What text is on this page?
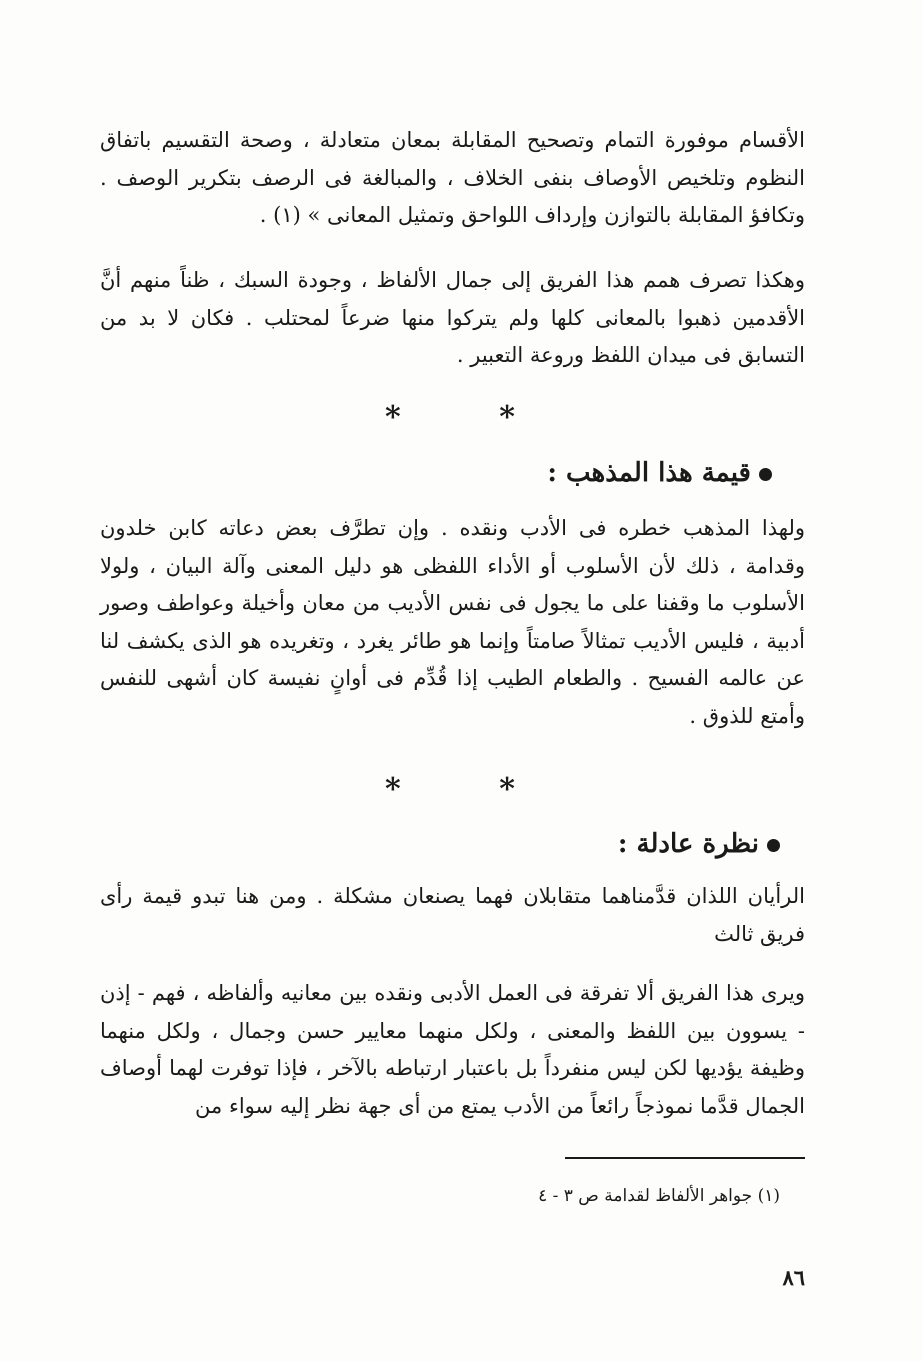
الأقسام موفورة التمام وتصحيح المقابلة بمعان متعادلة ، وصحة التقسيم باتفاق النظوم وتلخيص الأوصاف بنفى الخلاف ، والمبالغة فى الرصف بتكرير الوصف . وتكافؤ المقابلة بالتوازن وإرداف اللواحق وتمثيل المعانى » (١) .

وهكذا تصرف همم هذا الفريق إلى جمال الألفاظ ، وجودة السبك ، ظناً منهم أنَّ الأقدمين ذهبوا بالمعانى كلها ولم يتركوا منها ضرعاً لمحتلب . فكان لا بد من التسابق فى ميدان اللفظ وروعة التعبير .

*	*
قيمة هذا المذهب :

ولهذا المذهب خطره فى الأدب ونقده . وإن تطرَّف بعض دعاته كابن خلدون وقدامة ، ذلك لأن الأسلوب أو الأداء اللفظى هو دليل المعنى وآلة البيان ، ولولا الأسلوب ما وقفنا على ما يجول فى نفس الأديب من معان وأخيلة وعواطف وصور أدبية ، فليس الأديب تمثالاً صامتاً وإنما هو طائر يغرد ، وتغريده هو الذى يكشف لنا عن عالمه الفسيح . والطعام الطيب إذا قُدِّم فى أوانٍ نفيسة كان أشهى للنفس وأمتع للذوق .

*	*
نظرة عادلة :

الرأيان اللذان قدَّمناهما متقابلان فهما يصنعان مشكلة . ومن هنا تبدو قيمة رأى فريق ثالث

ويرى هذا الفريق ألا تفرقة فى العمل الأدبى ونقده بين معانيه وألفاظه ، فهم - إذن - يسوون بين اللفظ والمعنى ، ولكل منهما معايير حسن وجمال ، ولكل منهما وظيفة يؤديها لكن ليس منفرداً بل باعتبار ارتباطه بالآخر ، فإذا توفرت لهما أوصاف الجمال قدَّما نموذجاً رائعاً من الأدب يمتع من أى جهة نظر إليه سواء من

(١) جواهر الألفاظ لقدامة ص ٣ - ٤
٨٦
